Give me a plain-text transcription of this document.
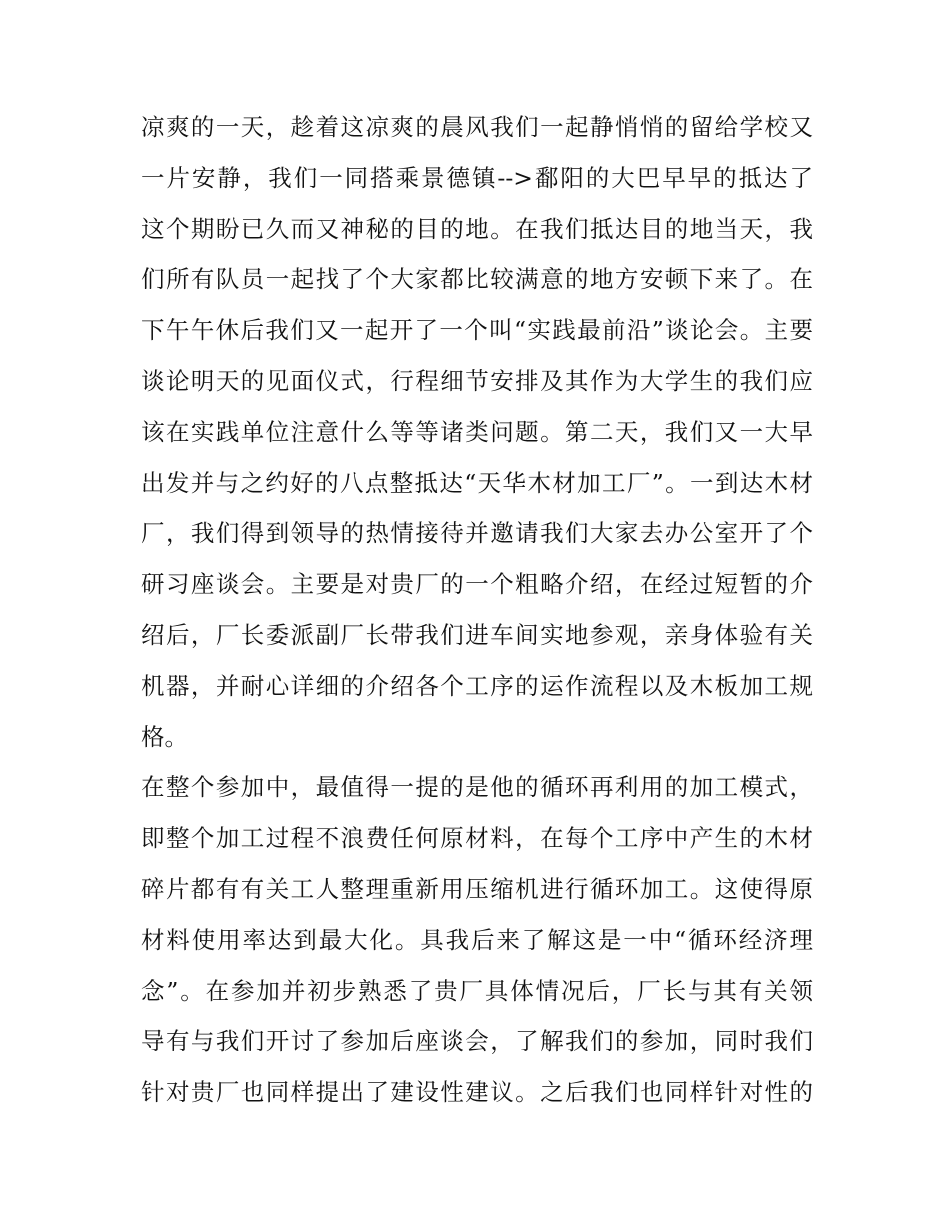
凉爽的一天，趁着这凉爽的晨风我们一起静悄悄的留给学校又
一片安静，我们一同搭乘景德镇-->鄱阳的大巴早早的抵达了
这个期盼已久而又神秘的目的地。在我们抵达目的地当天，我
们所有队员一起找了个大家都比较满意的地方安顿下来了。在
下午午休后我们又一起开了一个叫“实践最前沿”谈论会。主要
谈论明天的见面仪式，行程细节安排及其作为大学生的我们应
该在实践单位注意什么等等诸类问题。第二天，我们又一大早
出发并与之约好的八点整抵达“天华木材加工厂”。一到达木材
厂，我们得到领导的热情接待并邀请我们大家去办公室开了个
研习座谈会。主要是对贵厂的一个粗略介绍，在经过短暂的介
绍后，厂长委派副厂长带我们进车间实地参观，亲身体验有关
机器，并耐心详细的介绍各个工序的运作流程以及木板加工规
格。
在整个参加中，最值得一提的是他的循环再利用的加工模式，
即整个加工过程不浪费任何原材料，在每个工序中产生的木材
碎片都有有关工人整理重新用压缩机进行循环加工。这使得原
材料使用率达到最大化。具我后来了解这是一中“循环经济理
念”。在参加并初步熟悉了贵厂具体情况后，厂长与其有关领
导有与我们开讨了参加后座谈会，了解我们的参加，同时我们
针对贵厂也同样提出了建设性建议。之后我们也同样针对性的
